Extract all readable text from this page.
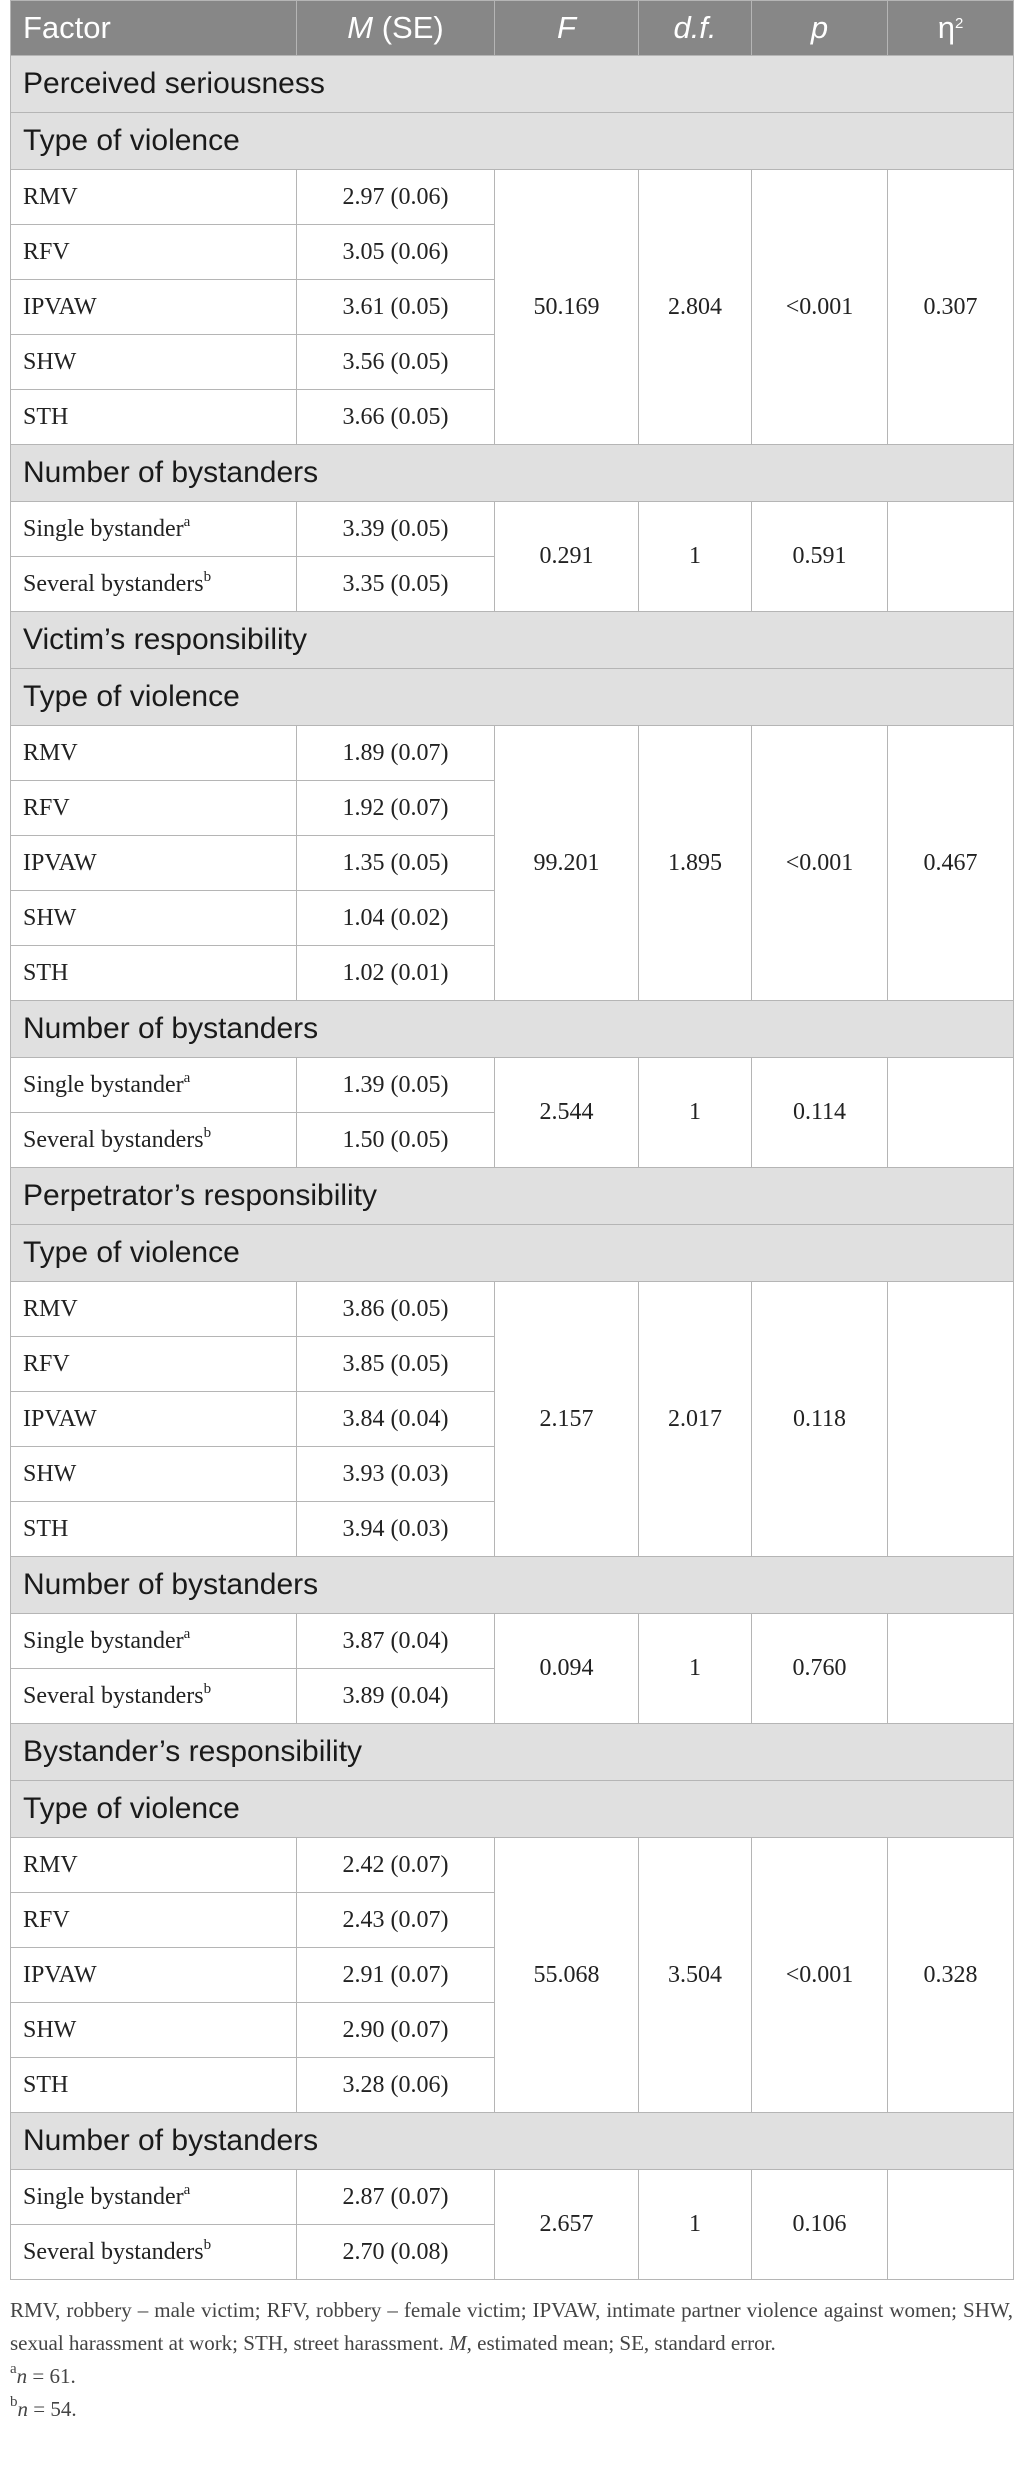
Factor	M (SE)	F	d.f.	p	$\eta^2$
Perceived seriousness					
Type of violence					
RMV	2.97 (0.06)	50.169	2.804	<0.001	0.307
RFV	3.05 (0.06)				
IPVAW	3.61 (0.05)				
SHW	3.56 (0.05)				
STH	3.66 (0.05)				
Number of bystanders					
Single bystander$^a$	3.39 (0.05)	0.291	1	0.591	
Several bystanders$^b$	3.35 (0.05)				
Victim’s responsibility					
Type of violence					
RMV	1.89 (0.07)	99.201	1.895	<0.001	0.467
RFV	1.92 (0.07)				
IPVAW	1.35 (0.05)				
SHW	1.04 (0.02)				
STH	1.02 (0.01)				
Number of bystanders					
Single bystander$^a$	1.39 (0.05)	2.544	1	0.114	
Several bystanders$^b$	1.50 (0.05)				
Perpetrator’s responsibility					
Type of violence					
RMV	3.86 (0.05)	2.157	2.017	0.118	
RFV	3.85 (0.05)				
IPVAW	3.84 (0.04)				
SHW	3.93 (0.03)				
STH	3.94 (0.03)				
Number of bystanders					
Single bystander$^a$	3.87 (0.04)	0.094	1	0.760	
Several bystanders$^b$	3.89 (0.04)				
Bystander’s responsibility					
Type of violence					
RMV	2.42 (0.07)	55.068	3.504	<0.001	0.328
RFV	2.43 (0.07)				
IPVAW	2.91 (0.07)				
SHW	2.90 (0.07)				
STH	3.28 (0.06)				
Number of bystanders					
Single bystander$^a$	2.87 (0.07)	2.657	1	0.106	
Several bystanders$^b$	2.70 (0.08)				

RMV, robbery – male victim; RFV, robbery – female victim; IPVAW, intimate partner violence against women; SHW, sexual harassment at work; STH, street harassment. M, estimated mean; SE, standard error.

$^a$n = 61.

$^b$n = 54.
